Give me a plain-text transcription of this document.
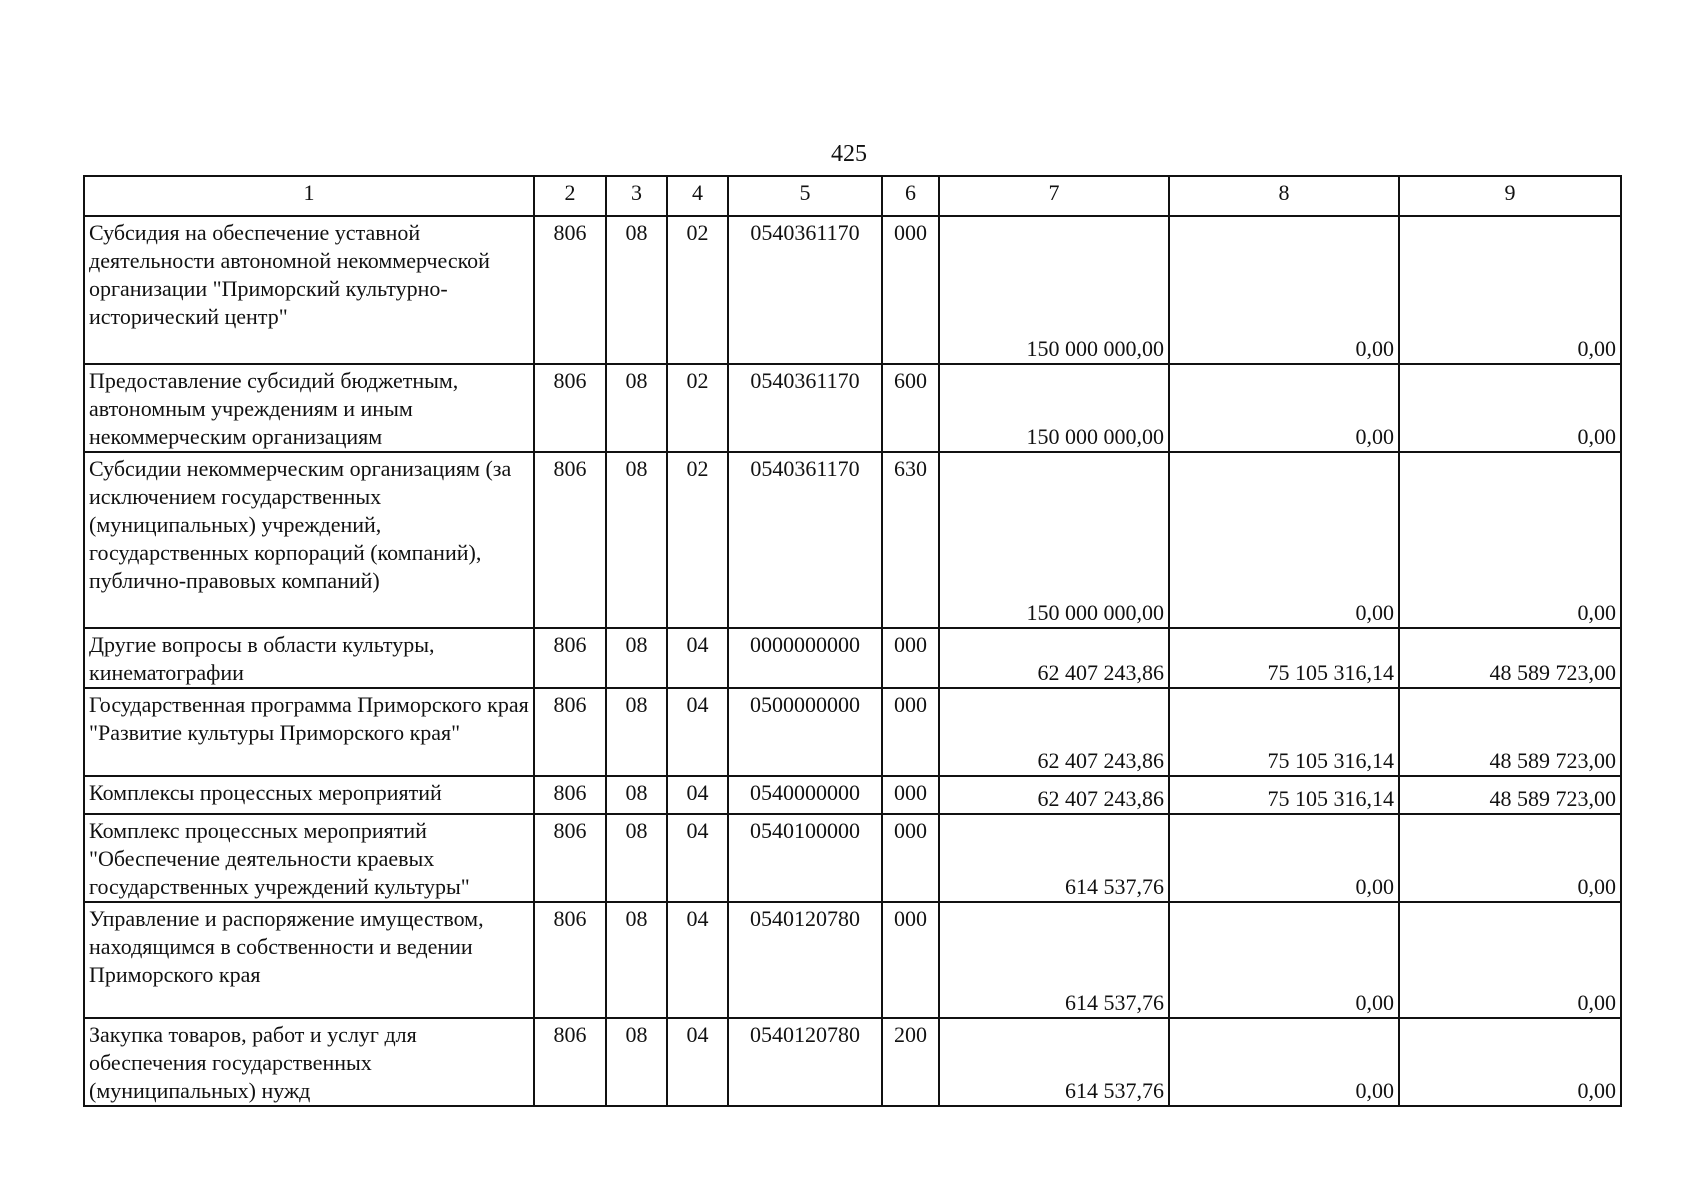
425
1	2	3	4	5	6	7	8	9
Субсидия на обеспечение уставной деятельности автономной некоммерческой организации "Приморский культурно-исторический центр"	806	08	02	0540361170	000	150 000 000,00	0,00	0,00
Предоставление субсидий бюджетным, автономным учреждениям и иным некоммерческим организациям	806	08	02	0540361170	600	150 000 000,00	0,00	0,00
Субсидии некоммерческим организациям (за исключением государственных (муниципальных) учреждений, государственных корпораций (компаний), публично-правовых компаний)	806	08	02	0540361170	630	150 000 000,00	0,00	0,00
Другие вопросы в области культуры, кинематографии	806	08	04	0000000000	000	62 407 243,86	75 105 316,14	48 589 723,00
Государственная программа Приморского края "Развитие культуры Приморского края"	806	08	04	0500000000	000	62 407 243,86	75 105 316,14	48 589 723,00
Комплексы процессных мероприятий	806	08	04	0540000000	000	62 407 243,86	75 105 316,14	48 589 723,00
Комплекс процессных мероприятий "Обеспечение деятельности краевых государственных учреждений культуры"	806	08	04	0540100000	000	614 537,76	0,00	0,00
Управление и распоряжение имуществом, находящимся в собственности и ведении Приморского края	806	08	04	0540120780	000	614 537,76	0,00	0,00
Закупка товаров, работ и услуг для обеспечения государственных (муниципальных) нужд	806	08	04	0540120780	200	614 537,76	0,00	0,00
